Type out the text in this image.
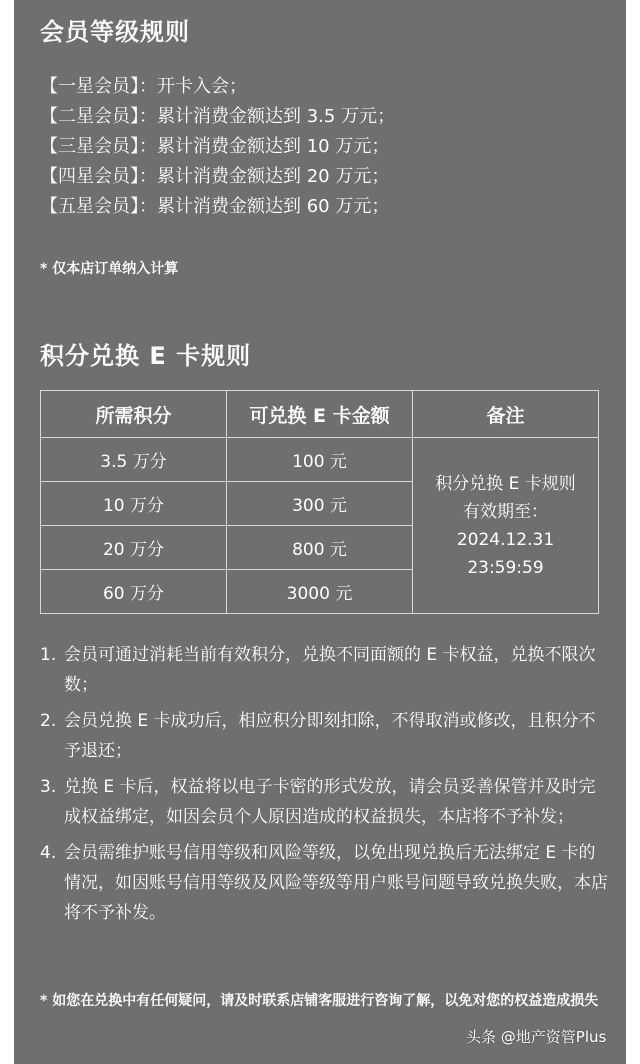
会员等级规则
【一星会员】：开卡入会；
【二星会员】：累计消费金额达到 3.5 万元；
【三星会员】：累计消费金额达到 10 万元；
【四星会员】：累计消费金额达到 20 万元；
【五星会员】：累计消费金额达到 60 万元；
* 仅本店订单纳入计算
积分兑换 E 卡规则
所需积分	可兑换 E 卡金额	备注
3.5 万分	100 元	积分兑换 E 卡规则
有效期至：
2024.12.31
23:59:59

10 万分	300 元	
20 万分	800 元	
60 万分	3000 元	
1. 会员可通过消耗当前有效积分，兑换不同面额的 E 卡权益，兑换不限次数；
2. 会员兑换 E 卡成功后，相应积分即刻扣除，不得取消或修改，且积分不予退还；
3. 兑换 E 卡后，权益将以电子卡密的形式发放，请会员妥善保管并及时完成权益绑定，如因会员个人原因造成的权益损失，本店将不予补发；
4. 会员需维护账号信用等级和风险等级，以免出现兑换后无法绑定 E 卡的情况，如因账号信用等级及风险等级等用户账号问题导致兑换失败，本店将不予补发。
* 如您在兑换中有任何疑问，请及时联系店铺客服进行咨询了解，以免对您的权益造成损失
头条 @地产资管Plus
